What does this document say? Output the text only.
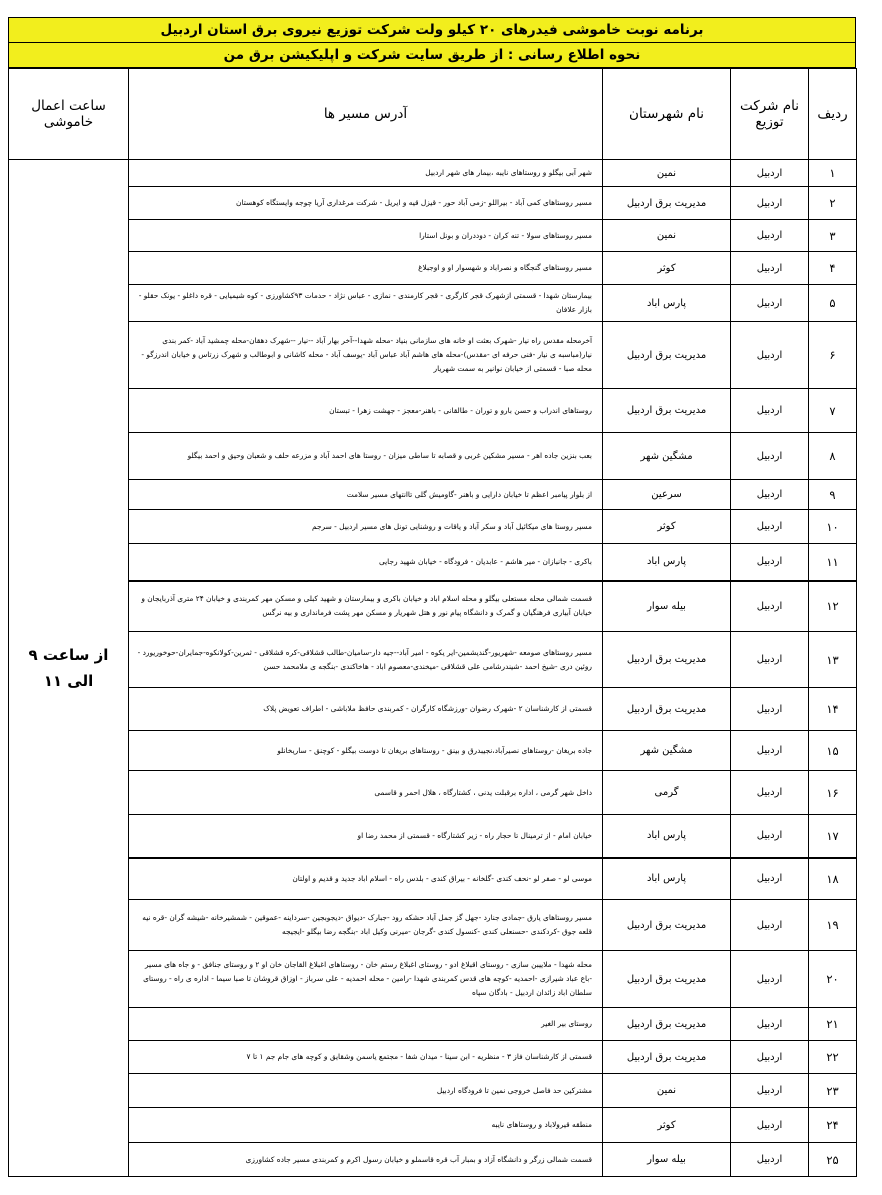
برنامه نوبت خاموشی فیدرهای ۲۰ کیلو ولت شرکت توزیع نیروی برق استان اردبیل
نحوه اطلاع رسانی : از طریق سایت شرکت و اپلیکیشن برق من
ردیف	نام شرکت توزیع	نام شهرستان	آدرس مسیر ها	ساعت اعمال
خاموشی

۱	اردبیل	نمین	شهر آبی بیگلو و روستاهای نایبه ،بیمار های شهر اردبیل	از ساعت ۹ الی ۱۱
۲	اردبیل	مدیریت برق اردبیل	مسیر روستاهای کمی آباد - بیراللو -زمی آباد حور - قیزل قیه و ایریل - شرکت مرغداری آریا چوجه وایستگاه کوهستان	
۳	اردبیل	نمین	مسیر روستاهای سولا - تنه کران - دوددران و بونل استارا	
۴	اردبیل	کوثر	مسیر روستاهای گنجگاه و نصراباد و شهسوار او و اوجبلاغ	
۵	اردبیل	پارس اباد	بیمارستان شهدا - قسمتی ازشهرک قجر کارگری - قجر کارمندی - نمازی - عباس نژاد - حدمات ۹۳کشاورزی - کوه شیمیایی - قره داغلو - یونک حقلو - بازار علافان	
۶	اردبیل	مدیریت برق اردبیل	آخرمحله مقدس راه نیار -شهرک بعثت او خانه های سازمانی بنیاد -محله شهدا--آخر بهار آباد --نیار --شهرک دهقان-محله چمشید آباد -کمر بندی نیار(مباسبه ی نیار -فنی حرفه ای -مقدس)-محله های هاشم آباد عباس آباد -یوسف آباد - محله کاشانی و ابوطالب و شهرک زرتاس و خیابان اندرزگو - محله صبا - قسمتی از خیابان نوانیر به سمت شهریار	
۷	اردبیل	مدیریت برق اردبیل	روستاهای اندراب و حسن بارو و توران - طالقانی - باهنر-معجز - جهشت زهرا - تبستان	
۸	اردبیل	مشگین شهر	بعب بنزین جاده اهر - مسیر مشکین غربی و قصابه تا ساطی میزان - روستا های احمد آباد و مزرعه حلف و شعبان وحیق و احمد بیگلو	
۹	اردبیل	سرعین	از بلوار پیامبر اعظم تا خیابان دارایی و باهنر -گاومیش گلی تاانتهای مسیر سلامت	
۱۰	اردبیل	کوثر	مسیر روستا های میکائیل آباد و سکر آباد و یاقات و روشنایی تونل های مسیر اردبیل - سرجم	
۱۱	اردبیل	پارس اباد	باکری - جانبازان - میر هاشم - عابدیان - فرودگاه - خیابان شهید رجایی	
۱۲	اردبیل	بیله سوار	قسمت شمالی محله مستعلی بیگلو و محله اسلام اباد و خیابان باکری و بیمارستان و شهید کبلی و مسکن مهر کمربندی و خیابان ۲۴ متری آذربایجان و خیابان آبیاری فرهنگیان و گمرک و دانشگاه پیام نور و هتل شهریار و مسکن مهر پشت فرمانداری و بیه نرگس	
۱۳	اردبیل	مدیریت برق اردبیل	مسیر روستاهای صومعه -شهریور-گندیشمین-ایر یکوه - امیر آباد--جیه دار-سامیان-طالب قشلاقی-کره قشلاقی - ثمرین-کولانکوه-جمایران-حوخوریورد - روئین دری -شیخ احمد -شیندرشامی علی قشلاقی -میخندی-معصوم اباد - هاخاکندی -بنگجه ی ملامحمد حسن	
۱۴	اردبیل	مدیریت برق اردبیل	قسمتی از کارشناسان ۲ -شهرک رضوان -ورزشگاه کارگران - کمربندی حافظ ملاباشی - اطراف تعویض پلاک	
۱۵	اردبیل	مشگین شهر	جاده بریغان -روستاهای نصیرآباد،نجیبدرق و بینق - روستاهای بریغان تا دوست بیگلو - کوچنق - ساریخانلو	
۱۶	اردبیل	گرمی	داخل شهر گرمی ، اداره برقبلت یدنی ، کشتارگاه ، هلال احمر و قاسمی	
۱۷	اردبیل	پارس اباد	خیابان امام - از ترمینال تا حجار راه - زیر کشتارگاه - قسمتی از محمد رضا او	
۱۸	اردبیل	پارس اباد	موسی لو - صفر لو -نحف کندی -گلخانه - بیراق کندی - بلدس راه - اسلام اباد جدید و قدیم و اولتان	
۱۹	اردبیل	مدیریت برق اردبیل	مسیر روستاهای یارق -جمادی جنارد -جهل گز جمل آباد حشکه رود -جبارک -دیواق -دیجوبجین -سرداینه -عموقین - شمشیرخانه -شیشه گران -قره نیه قلعه جوق -کردکندی -حسنعلی کندی -کنسول کندی -گرجان -میرنی وکیل اباد -بنگجه رضا بیگلو -ایجیجه	
۲۰	اردبیل	مدیریت برق اردبیل	محله شهدا - ملاییبن سازی - روستای اقبلاغ ادو - روستای اغبلاغ رستم خان - روستاهای اغبلاغ القاجان خان او ۲ و روستای جنافق - و جاه های مسیر -باع عباد شیرازی -احمدیه -کوچه های قدس کمربندی شهدا -رامین - محله احمدیه - علی سرباز - اوزاق قروشان تا صبا سیما - اداره ی راه - روستای سلطان اباد زائدان اردبیل - بادگان سپاه	
۲۱	اردبیل	مدیریت برق اردبیل	روستای بیر الغیر	
۲۲	اردبیل	مدیریت برق اردبیل	قسمتی از کارشناسان فاز ۳ - منظریه - ابن سینا - میدان شفا - مجتمع یاسمن وشقایق و کوچه های جام جم ۱ تا ۷	
۲۳	اردبیل	نمین	مشترکین حد فاصل خروجی نمین تا فرودگاه اردبیل	
۲۴	اردبیل	کوثر	منطقه قیرولاباد و روستاهای نایبه	
۲۵	اردبیل	بیله سوار	قسمت شمالی زرگر و دانشگاه آزاد و بمبار آب قره قاسملو و خیابان رسول اکرم و کمربندی مسیر جاده کشاورزی	
